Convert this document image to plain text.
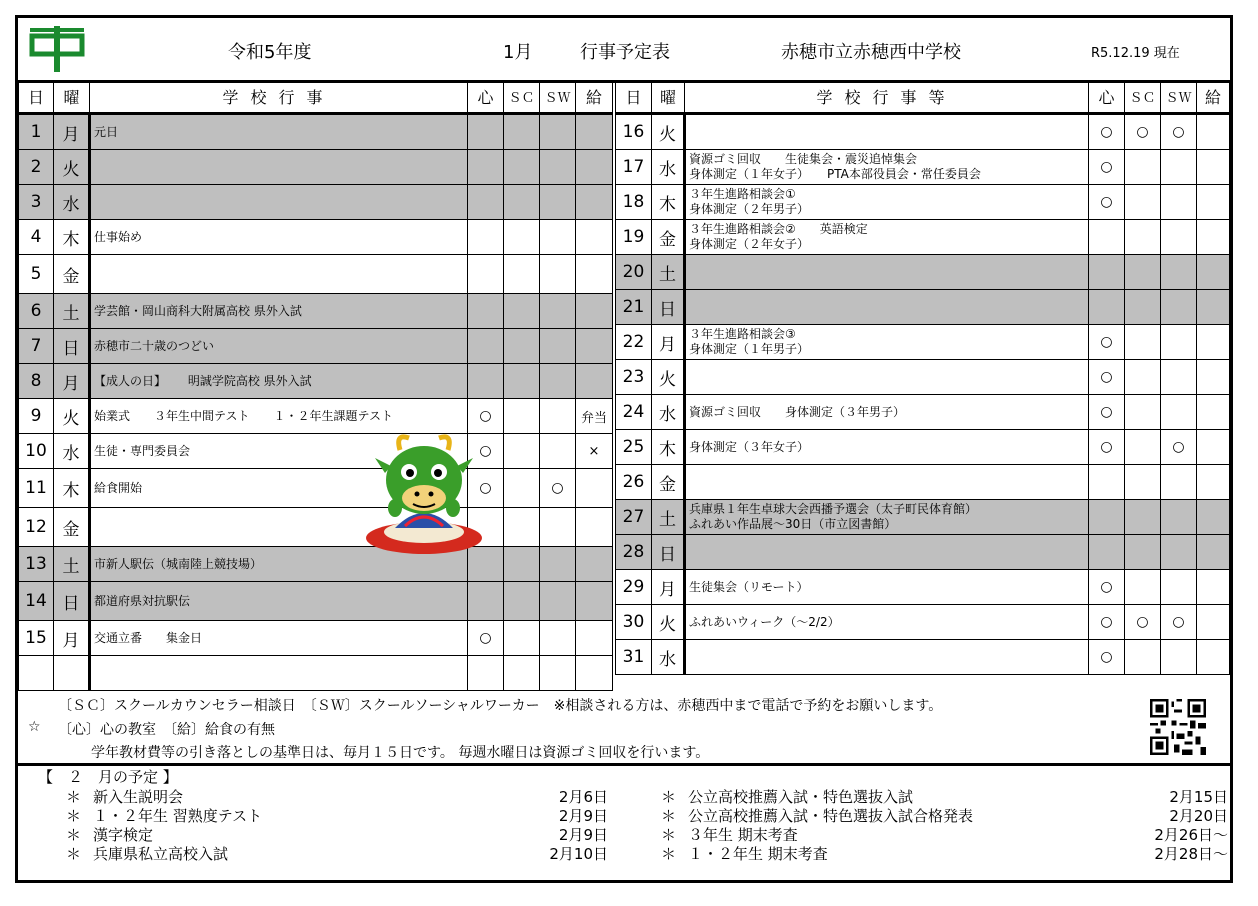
令和5年度	1月	行事予定表	赤穂市立赤穂西中学校	R5.12.19 現在
日	曜	学校行事	心	ＳＣ	ＳＷ	給
1	月	元日				
2	火					
3	水					
4	木	仕事始め				
5	金					
6	土	学芸館・岡山商科大附属高校 県外入試				
7	日	赤穂市二十歳のつどい				
8	月	【成人の日】　　 明誠学院高校 県外入試				
9	火	始業式　　３年生中間テスト　　１・２年生課題テスト	○			弁当
10	水	生徒・専門委員会	○			×
11	木	給食開始	○		○	
12	金					
13	土	市新人駅伝（城南陸上競技場）				
14	日	都道府県対抗駅伝				
15	月	交通立番　　集金日	○			

日	曜	学校行事等	心	ＳＣ	ＳＷ	給
16	火		○	○	○	
17	水	資源ゴミ回収　　生徒集会・震災追悼集会
身体測定（１年女子）　　PTA本部役員会・常任委員会	○			
18	木	３年生進路相談会①
身体測定（２年男子）	○			
19	金	３年生進路相談会②　　英語検定
身体測定（２年女子）				
20	土					
21	日					
22	月	３年生進路相談会③
身体測定（１年男子）	○			
23	火		○			
24	水	資源ゴミ回収　　身体測定（３年男子）	○			
25	木	身体測定（３年女子）	○		○	
26	金					
27	土	兵庫県１年生卓球大会西播予選会（太子町民体育館）
ふれあい作品展～30日（市立図書館）				
28	日					
29	月	生徒集会（リモート）	○			
30	火	ふれあいウィーク（～2/2）	○	○	○	
31	水		○			
〔ＳＣ〕スクールカウンセラー相談日　〔ＳＷ〕スクールソーシャルワーカー　※相談される方は、赤穂西中まで電話で予約をお願いします。
☆ 〔心〕心の教室　〔給〕給食の有無
学年教材費等の引き落としの基準日は、毎月１５日です。 毎週水曜日は資源ゴミ回収を行います。
【　２　月の予定 】
＊ 新入生説明会	2月6日
＊ １・２年生 習熟度テスト	2月9日
＊ 漢字検定	2月9日
＊ 兵庫県私立高校入試	2月10日
＊ 公立高校推薦入試・特色選抜入試	2月15日
＊ 公立高校推薦入試・特色選抜入試合格発表	2月20日
＊ ３年生 期末考査	2月26日～
＊ １・２年生 期末考査	2月28日～
